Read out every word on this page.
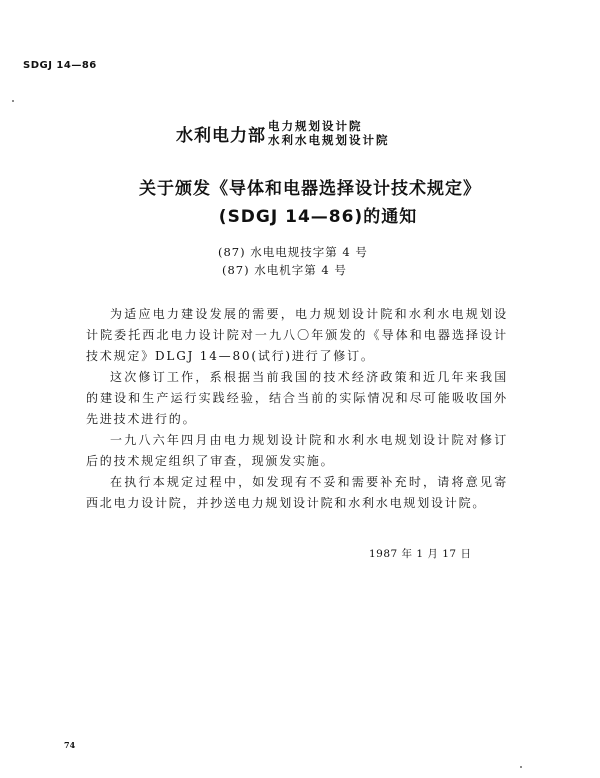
SDGJ 14—86
水利电力部 电力规划设计院
水利水电规划设计院
关于颁发《导体和电器选择设计技术规定》
(SDGJ 14—86)的通知
(87) 水电电规技字第 4 号
(87) 水电机字第 4 号

为适应电力建设发展的需要，电力规划设计院和水利水电规划设计院委托西北电力设计院对一九八〇年颁发的《导体和电器选择设计技术规定》DLGJ 14—80(试行)进行了修订。

这次修订工作，系根据当前我国的技术经济政策和近几年来我国的建设和生产运行实践经验，结合当前的实际情况和尽可能吸收国外先进技术进行的。

一九八六年四月由电力规划设计院和水利水电规划设计院对修订后的技术规定组织了审查，现颁发实施。

在执行本规定过程中，如发现有不妥和需要补充时，请将意见寄西北电力设计院，并抄送电力规划设计院和水利水电规划设计院。

1987 年 1 月 17 日
74
